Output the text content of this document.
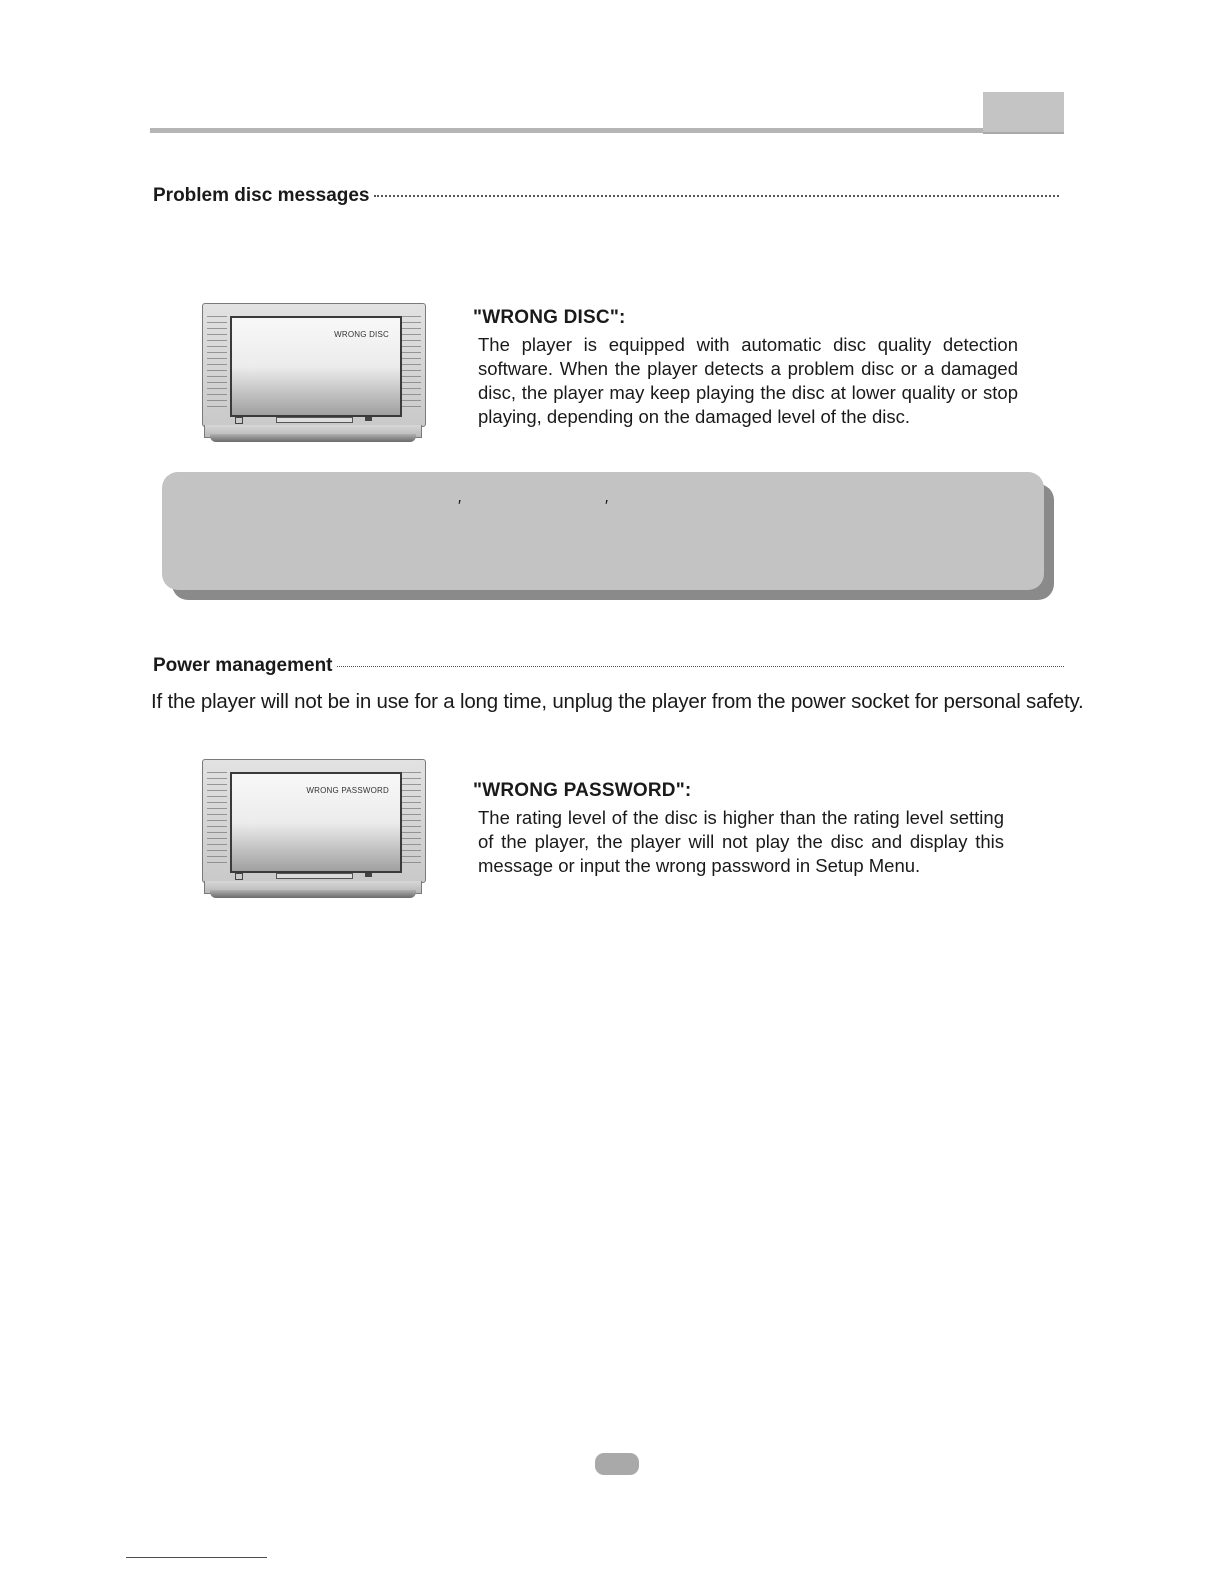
Problem disc messages
WRONG DISC
"WRONG DISC":
The player is equipped with automatic disc quality detection
software. When the player detects a problem disc or a damaged
disc, the player may keep playing the disc at lower quality or stop
playing, depending on the damaged level of the disc.
′	′
Power management
If the player will not be in use for a long time, unplug the player from the power socket for personal safety.
WRONG PASSWORD	"WRONG PASSWORD":
The rating level of the disc is higher than the rating level setting
of the player, the player will not play the disc and display this
message or input the wrong password in Setup Menu.
